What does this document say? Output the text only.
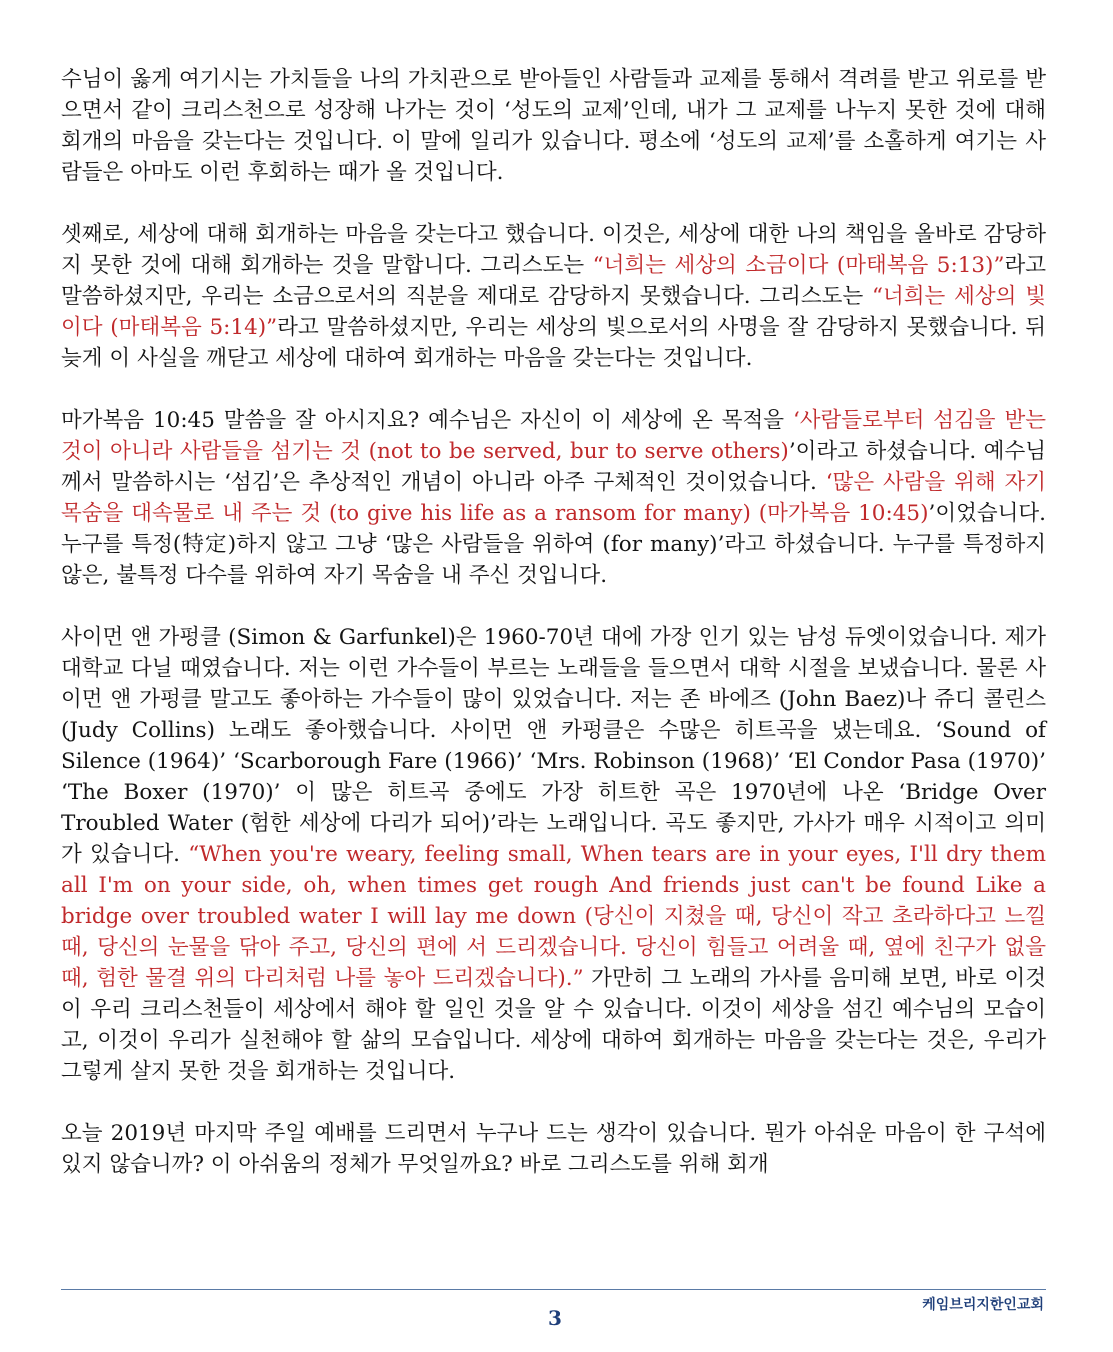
수님이 옳게 여기시는 가치들을 나의 가치관으로 받아들인 사람들과 교제를 통해서 격려를 받고 위로를 받으면서 같이 크리스천으로 성장해 나가는 것이 ‘성도의 교제’인데, 내가 그 교제를 나누지 못한 것에 대해 회개의 마음을 갖는다는 것입니다. 이 말에 일리가 있습니다. 평소에 ‘성도의 교제’를 소홀하게 여기는 사람들은 아마도 이런 후회하는 때가 올 것입니다.

셋째로, 세상에 대해 회개하는 마음을 갖는다고 했습니다. 이것은, 세상에 대한 나의 책임을 올바로 감당하지 못한 것에 대해 회개하는 것을 말합니다. 그리스도는 “너희는 세상의 소금이다 (마태복음 5:13)”라고 말씀하셨지만, 우리는 소금으로서의 직분을 제대로 감당하지 못했습니다. 그리스도는 “너희는 세상의 빛이다 (마태복음 5:14)”라고 말씀하셨지만, 우리는 세상의 빛으로서의 사명을 잘 감당하지 못했습니다. 뒤늦게 이 사실을 깨닫고 세상에 대하여 회개하는 마음을 갖는다는 것입니다.

마가복음 10:45 말씀을 잘 아시지요? 예수님은 자신이 이 세상에 온 목적을 ‘사람들로부터 섬김을 받는 것이 아니라 사람들을 섬기는 것 (not to be served, bur to serve others)’이라고 하셨습니다. 예수님께서 말씀하시는 ‘섬김’은 추상적인 개념이 아니라 아주 구체적인 것이었습니다. ‘많은 사람을 위해 자기 목숨을 대속물로 내 주는 것 (to give his life as a ransom for many) (마가복음 10:45)’이었습니다. 누구를 특정(特定)하지 않고 그냥 ‘많은 사람들을 위하여 (for many)’라고 하셨습니다. 누구를 특정하지 않은, 불특정 다수를 위하여 자기 목숨을 내 주신 것입니다.

사이먼 앤 가펑클 (Simon & Garfunkel)은 1960-70년 대에 가장 인기 있는 남성 듀엣이었습니다. 제가 대학교 다닐 때였습니다. 저는 이런 가수들이 부르는 노래들을 들으면서 대학 시절을 보냈습니다. 물론 사이먼 앤 가펑클 말고도 좋아하는 가수들이 많이 있었습니다. 저는 존 바에즈 (John Baez)나 쥬디 콜린스 (Judy Collins) 노래도 좋아했습니다. 사이먼 앤 카펑클은 수많은 히트곡을 냈는데요. ‘Sound of Silence (1964)’ ‘Scarborough Fare (1966)’ ‘Mrs. Robinson (1968)’ ‘El Condor Pasa (1970)’ ‘The Boxer (1970)’ 이 많은 히트곡 중에도 가장 히트한 곡은 1970년에 나온 ‘Bridge Over Troubled Water (험한 세상에 다리가 되어)’라는 노래입니다. 곡도 좋지만, 가사가 매우 시적이고 의미가 있습니다. “When you're weary, feeling small, When tears are in your eyes, I'll dry them all I'm on your side, oh, when times get rough And friends just can't be found Like a bridge over troubled water I will lay me down (당신이 지쳤을 때, 당신이 작고 초라하다고 느낄 때, 당신의 눈물을 닦아 주고, 당신의 편에 서 드리겠습니다. 당신이 힘들고 어려울 때, 옆에 친구가 없을 때, 험한 물결 위의 다리처럼 나를 놓아 드리겠습니다).” 가만히 그 노래의 가사를 음미해 보면, 바로 이것이 우리 크리스천들이 세상에서 해야 할 일인 것을 알 수 있습니다. 이것이 세상을 섬긴 예수님의 모습이고, 이것이 우리가 실천해야 할 삶의 모습입니다. 세상에 대하여 회개하는 마음을 갖는다는 것은, 우리가 그렇게 살지 못한 것을 회개하는 것입니다.

오늘 2019년 마지막 주일 예배를 드리면서 누구나 드는 생각이 있습니다. 뭔가 아쉬운 마음이 한 구석에 있지 않습니까? 이 아쉬움의 정체가 무엇일까요? 바로 그리스도를 위해 회개

3
케임브리지한인교회
